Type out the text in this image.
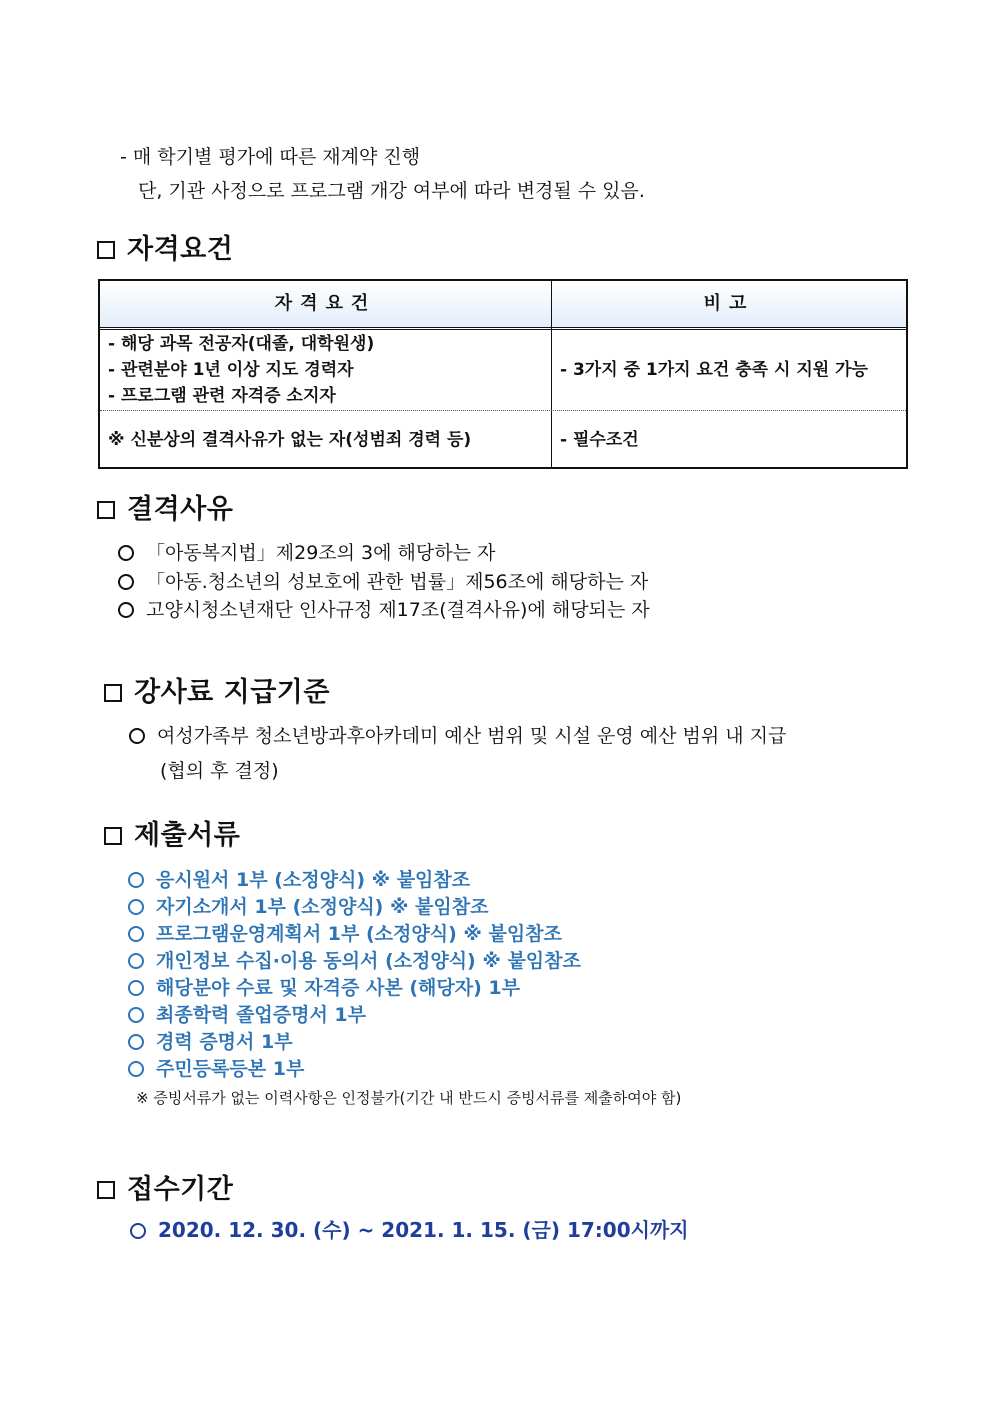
- 매 학기별 평가에 따른 재계약 진행
단, 기관 사정으로 프로그램 개강 여부에 따라 변경될 수 있음.
자격요건
자격요건	비고
- 해당 과목 전공자(대졸, 대학원생)
- 관련분야 1년 이상 지도 경력자
- 프로그램 관련 자격증 소지자
- 3가지 중 1가지 요건 충족 시 지원 가능
※ 신분상의 결격사유가 없는 자(성범죄 경력 등)	- 필수조건
결격사유
「아동복지법」제29조의 3에 해당하는 자
「아동.청소년의 성보호에 관한 법률」제56조에 해당하는 자
고양시청소년재단 인사규정 제17조(결격사유)에 해당되는 자
강사료 지급기준
여성가족부 청소년방과후아카데미 예산 범위 및 시설 운영 예산 범위 내 지급
(협의 후 결정)
제출서류
응시원서 1부 (소정양식) ※ 붙임참조
자기소개서 1부 (소정양식) ※ 붙임참조
프로그램운영계획서 1부 (소정양식) ※ 붙임참조
개인정보 수집·이용 동의서 (소정양식) ※ 붙임참조
해당분야 수료 및 자격증 사본 (해당자) 1부
최종학력 졸업증명서 1부
경력 증명서 1부
주민등록등본 1부
※ 증빙서류가 없는 이력사항은 인정불가(기간 내 반드시 증빙서류를 제출하여야 함)
접수기간
2020. 12. 30. (수) ~ 2021. 1. 15. (금) 17:00시까지
